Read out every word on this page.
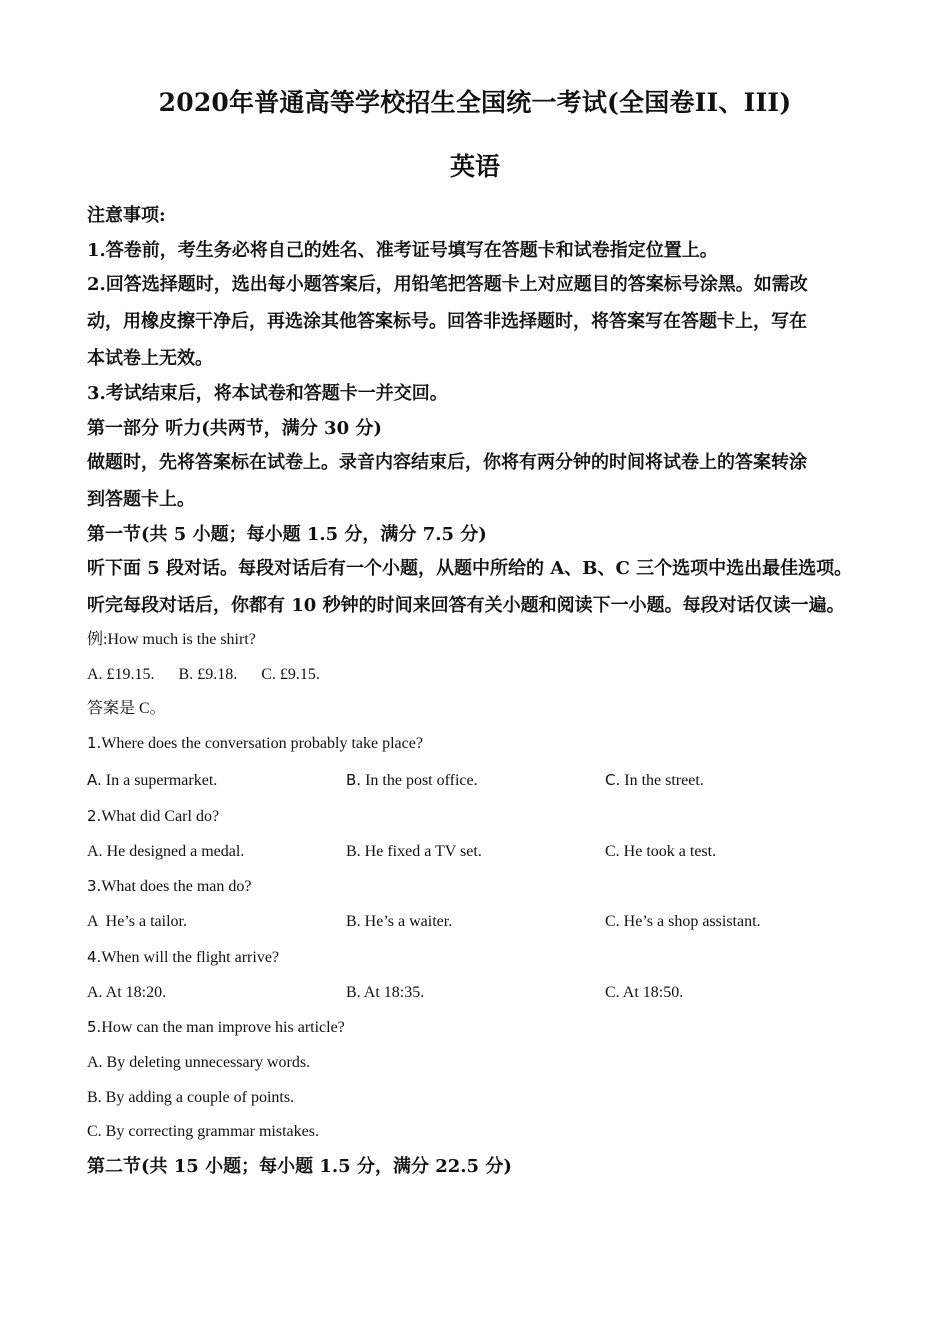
2020年普通高等学校招生全国统一考试(全国卷II、III)
英语
注意事项:
1.答卷前，考生务必将自己的姓名、准考证号填写在答题卡和试卷指定位置上。
2.回答选择题时，选出每小题答案后，用铅笔把答题卡上对应题目的答案标号涂黑。如需改
动，用橡皮擦干净后，再选涂其他答案标号。回答非选择题时，将答案写在答题卡上，写在
本试卷上无效。
3.考试结束后，将本试卷和答题卡一并交回。
第一部分 听力(共两节，满分 30 分)
做题时，先将答案标在试卷上。录音内容结束后，你将有两分钟的时间将试卷上的答案转涂
到答题卡上。
第一节(共 5 小题；每小题 1.5 分，满分 7.5 分)
听下面 5 段对话。每段对话后有一个小题，从题中所给的 A、B、C 三个选项中选出最佳选项。
听完每段对话后，你都有 10 秒钟的时间来回答有关小题和阅读下一小题。每段对话仅读一遍。
例:How much is the shirt?
A. £19.15.      B. £9.18.      C. £9.15.
答案是 C。
1.Where does the conversation probably take place?
A. In a supermarket.	B. In the post office.	C. In the street.
2.What did Carl do?
A. He designed a medal.	B. He fixed a TV set.	C. He took a test.
3.What does the man do?
A  He’s a tailor.	B. He’s a waiter.	C. He’s a shop assistant.
4.When will the flight arrive?
A. At 18:20.	B. At 18:35.	C. At 18:50.
5.How can the man improve his article?
A. By deleting unnecessary words.
B. By adding a couple of points.
C. By correcting grammar mistakes.
第二节(共 15 小题；每小题 1.5 分，满分 22.5 分)
